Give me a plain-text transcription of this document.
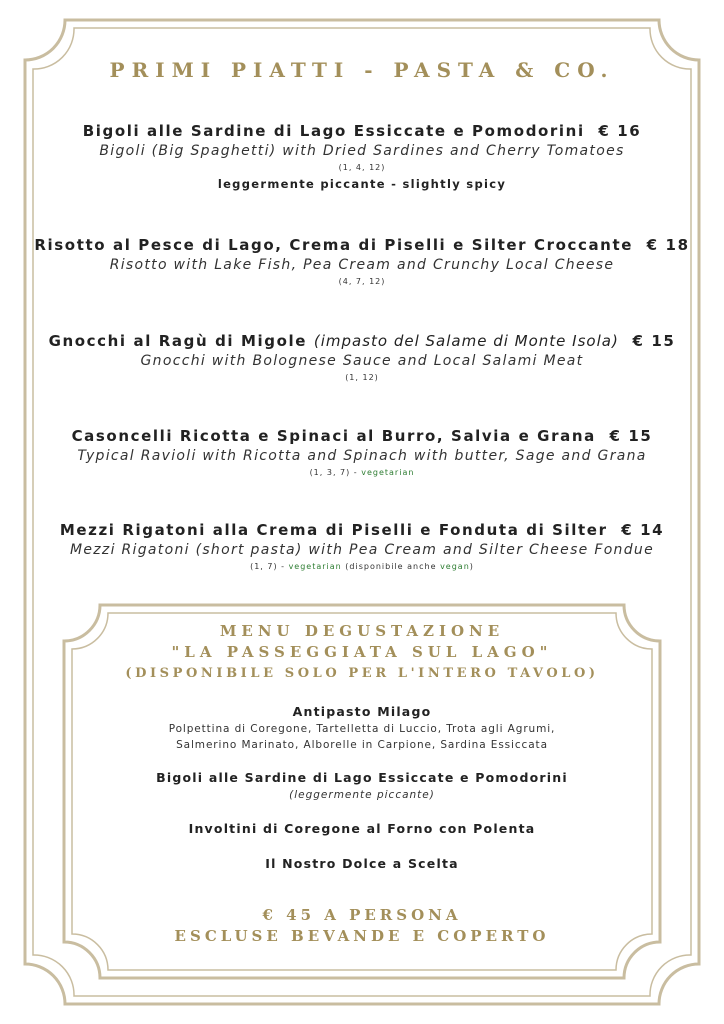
PRIMI PIATTI - PASTA & CO.
Bigoli alle Sardine di Lago Essiccate e Pomodorini € 16
Bigoli (Big Spaghetti) with Dried Sardines and Cherry Tomatoes
(1, 4, 12)
leggermente piccante - slightly spicy
Risotto al Pesce di Lago, Crema di Piselli e Silter Croccante € 18
Risotto with Lake Fish, Pea Cream and Crunchy Local Cheese
(4, 7, 12)
Gnocchi al Ragù di Migole (impasto del Salame di Monte Isola) € 15
Gnocchi with Bolognese Sauce and Local Salami Meat
(1, 12)
Casoncelli Ricotta e Spinaci al Burro, Salvia e Grana € 15
Typical Ravioli with Ricotta and Spinach with butter, Sage and Grana
(1, 3, 7) - vegetarian
Mezzi Rigatoni alla Crema di Piselli e Fonduta di Silter € 14
Mezzi Rigatoni (short pasta) with Pea Cream and Silter Cheese Fondue
(1, 7) - vegetarian (disponibile anche vegan)
MENU DEGUSTAZIONE
"LA PASSEGGIATA SUL LAGO"
(DISPONIBILE SOLO PER L'INTERO TAVOLO)
Antipasto Milago
Polpettina di Coregone, Tartelletta di Luccio, Trota agli Agrumi,
Salmerino Marinato, Alborelle in Carpione, Sardina Essiccata
Bigoli alle Sardine di Lago Essiccate e Pomodorini
(leggermente piccante)
Involtini di Coregone al Forno con Polenta
Il Nostro Dolce a Scelta
€ 45 A PERSONA
ESCLUSE BEVANDE E COPERTO
